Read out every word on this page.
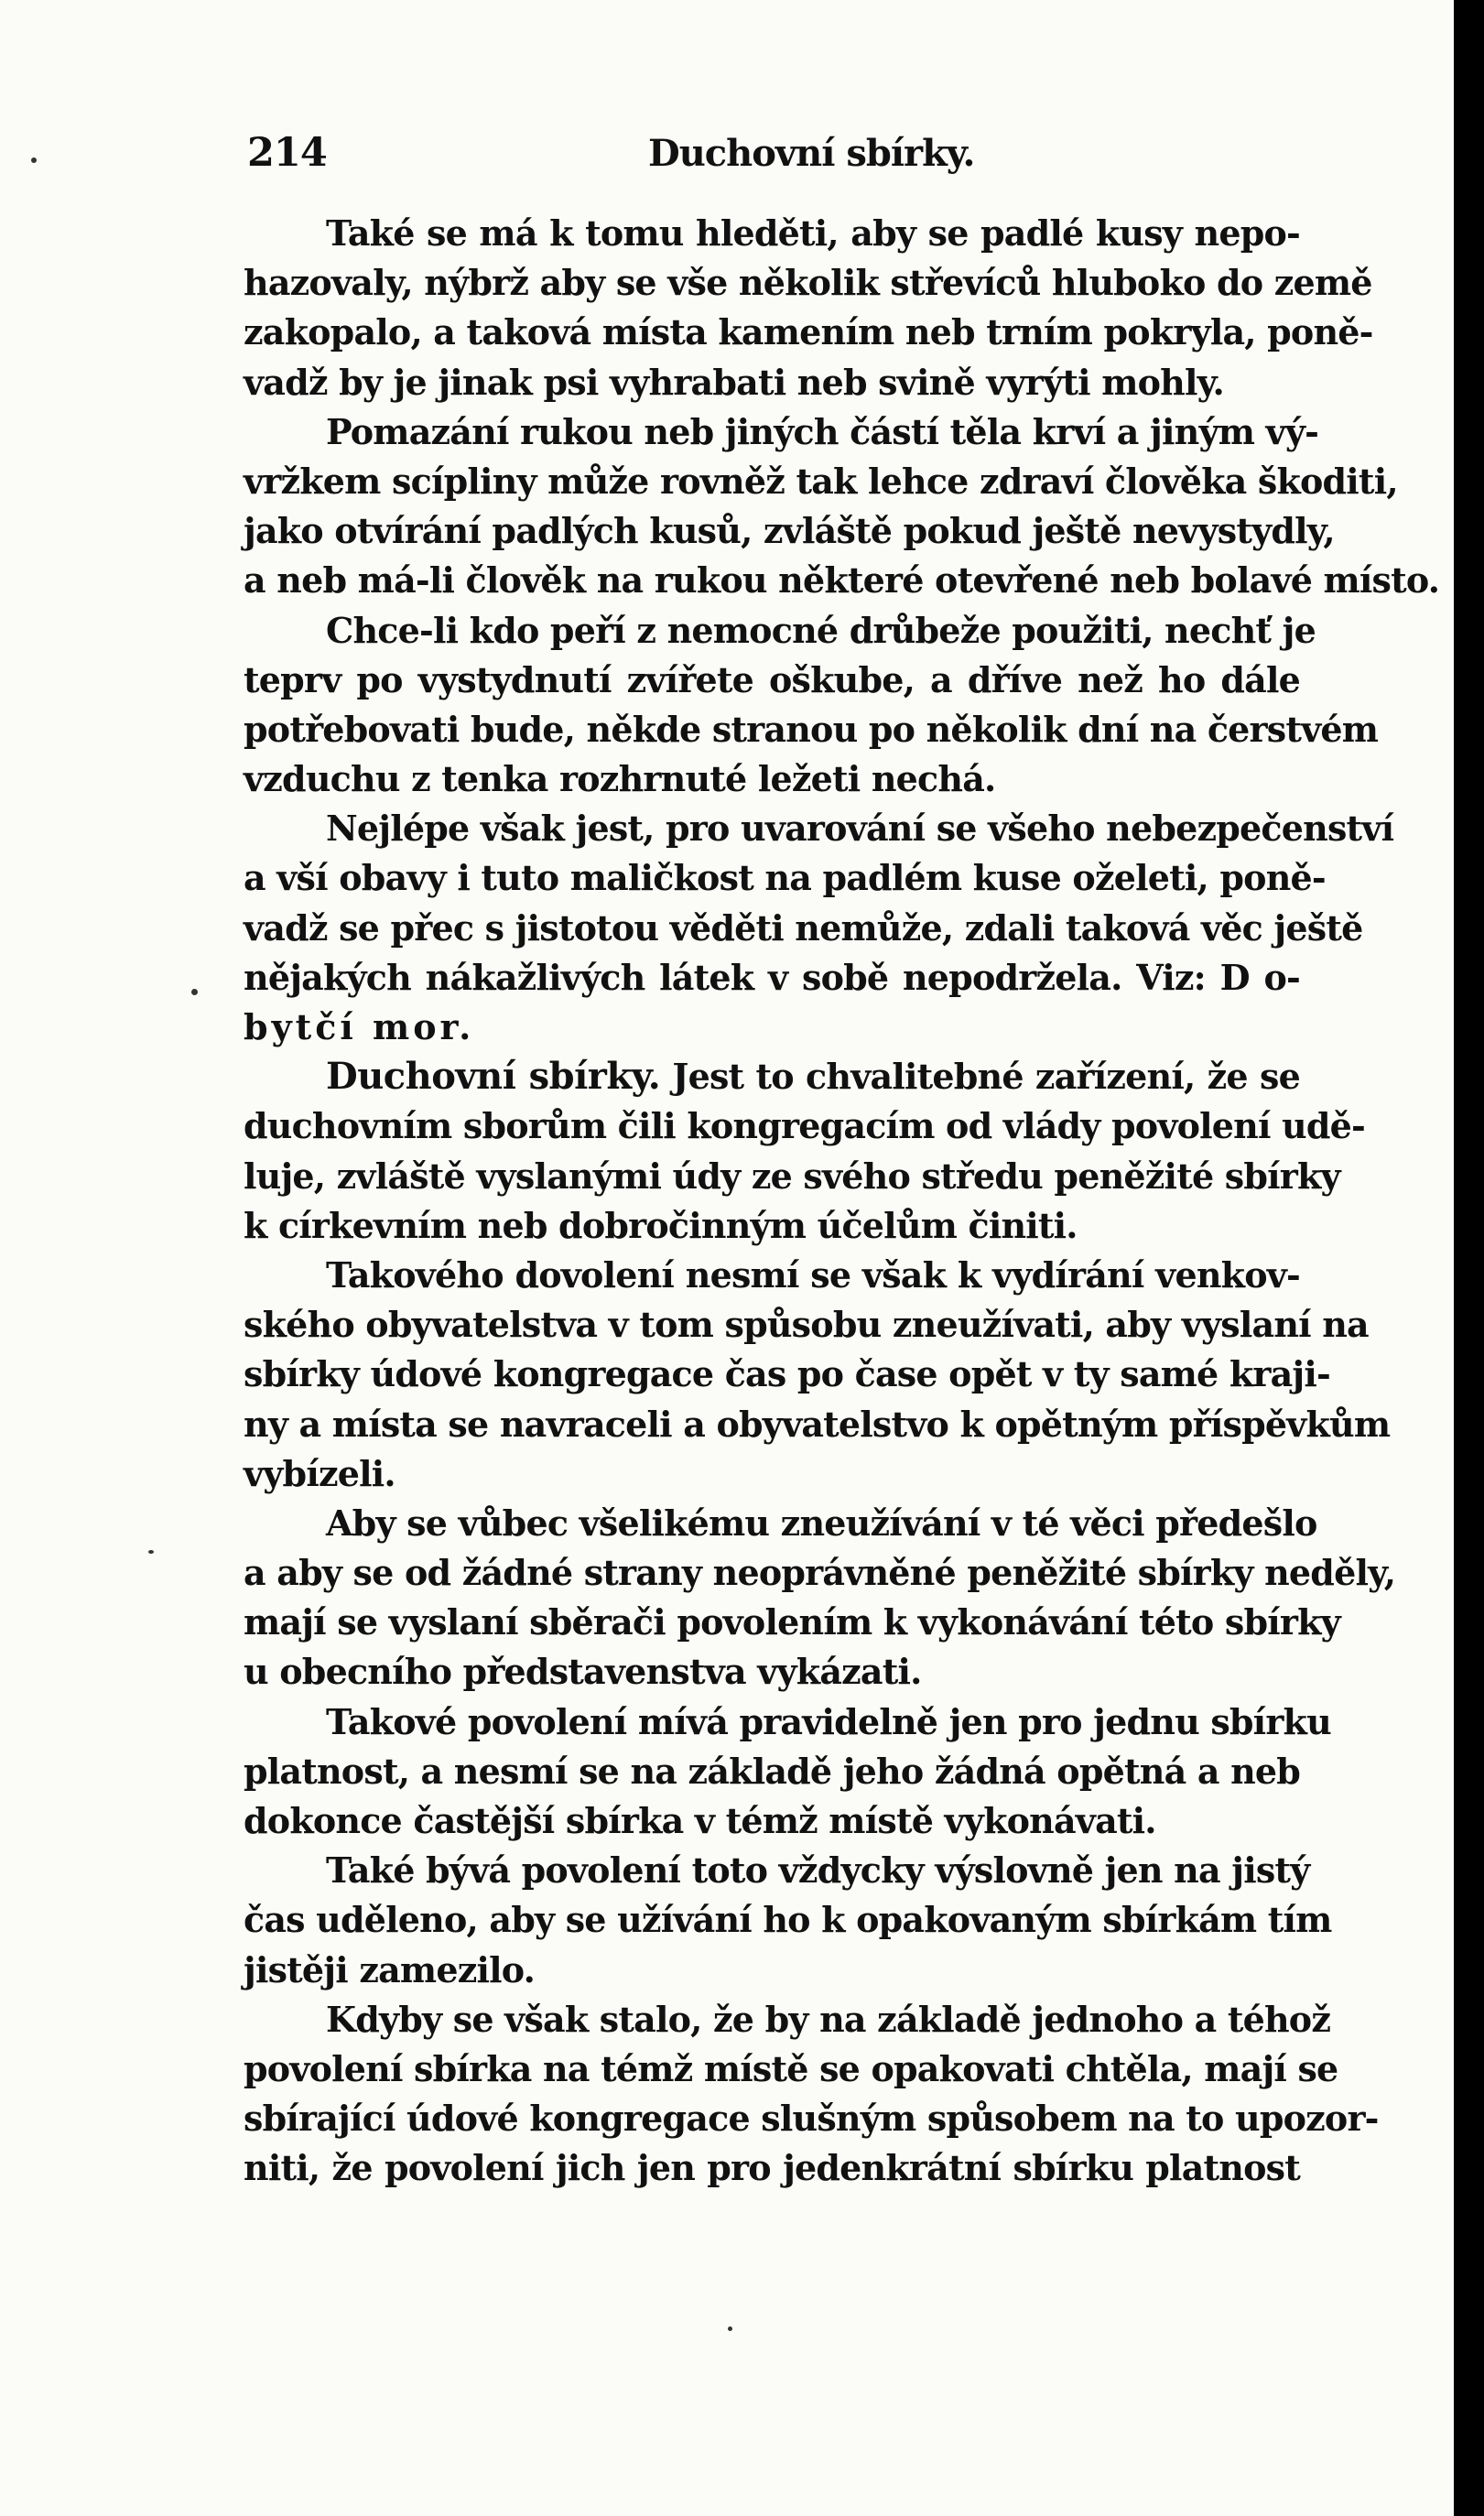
214	Duchovní sbírky.
Také se má k tomu hleděti, aby se padlé kusy nepo-
hazovaly, nýbrž aby se vše několik střevíců hluboko do země
zakopalo, a taková místa kamením neb trním pokryla, poně-
vadž by je jinak psi vyhrabati neb svině vyrýti mohly.
Pomazání rukou neb jiných částí těla krví a jiným vý-
vržkem scípliny může rovněž tak lehce zdraví člověka škoditi,
jako otvírání padlých kusů, zvláště pokud ještě nevystydly,
a neb má-li člověk na rukou některé otevřené neb bolavé místo.
Chce-li kdo peří z nemocné drůbeže použiti, nechť je
teprv po vystydnutí zvířete oškube, a dříve než ho dále
potřebovati bude, někde stranou po několik dní na čerstvém
vzduchu z tenka rozhrnuté ležeti nechá.
Nejlépe však jest, pro uvarování se všeho nebezpečenství
a vší obavy i tuto maličkost na padlém kuse oželeti, poně-
vadž se přec s jistotou věděti nemůže, zdali taková věc ještě
nějakých nákažlivých látek v sobě nepodržela. Viz: D o-
bytčí mor.
Duchovní sbírky. Jest to chvalitebné zařízení, že se
duchovním sborům čili kongregacím od vlády povolení udě-
luje, zvláště vyslanými údy ze svého středu peněžité sbírky
k církevním neb dobročinným účelům činiti.
Takového dovolení nesmí se však k vydírání venkov-
ského obyvatelstva v tom spůsobu zneužívati, aby vyslaní na
sbírky údové kongregace čas po čase opět v ty samé kraji-
ny a místa se navraceli a obyvatelstvo k opětným příspěvkům
vybízeli.
Aby se vůbec všelikému zneužívání v té věci předešlo
a aby se od žádné strany neoprávněné peněžité sbírky neděly,
mají se vyslaní sběrači povolením k vykonávání této sbírky
u obecního představenstva vykázati.
Takové povolení mívá pravidelně jen pro jednu sbírku
platnost, a nesmí se na základě jeho žádná opětná a neb
dokonce častější sbírka v témž místě vykonávati.
Také bývá povolení toto vždycky výslovně jen na jistý
čas uděleno, aby se užívání ho k opakovaným sbírkám tím
jistěji zamezilo.
Kdyby se však stalo, že by na základě jednoho a téhož
povolení sbírka na témž místě se opakovati chtěla, mají se
sbírající údové kongregace slušným spůsobem na to upozor-
niti, že povolení jich jen pro jedenkrátní sbírku platnost
